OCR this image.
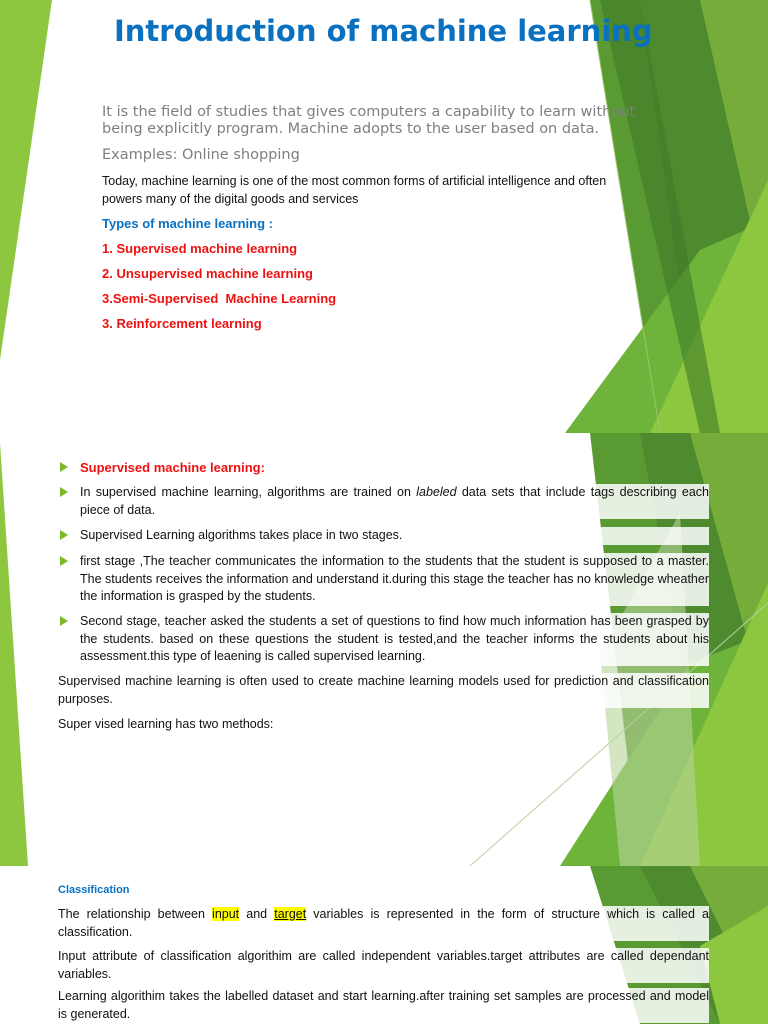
Introduction of machine learning
It is the field of studies that gives computers a capability to learn without
being explicitly program. Machine adopts to the user based on data.
Examples: Online shopping
Today, machine learning is one of the most common forms of artificial intelligence and often
powers many of the digital goods and services
Types of machine learning :
1. Supervised machine learning
2. Unsupervised machine learning
3.Semi-Supervised  Machine Learning
3. Reinforcement learning
Supervised machine learning:
In supervised machine learning, algorithms are trained on labeled data sets that include tags describing each piece of data.
Supervised Learning algorithms takes place in two stages.
first stage ,The teacher communicates the information to the students that the student is supposed to a master. The students receives the information and understand it.during this stage the teacher has no knowledge wheather the information is grasped by the students.
Second stage, teacher asked the students a set of questions to find how much information has been grasped by the students. based on these questions the student is tested,and the teacher informs the students about his assessment.this type of leaening is called supervised learning.
Supervised machine learning is often used to create machine learning models used for prediction and classification purposes.
Super vised learning has two methods:
Classification
The relationship between input and target variables is represented in the form of structure which is called a classification.
Input attribute of classification algorithim are called independent variables.target attributes are called dependant variables.
Learning algorithim takes the labelled dataset and start learning.after training set samples are processed and model is generated.
